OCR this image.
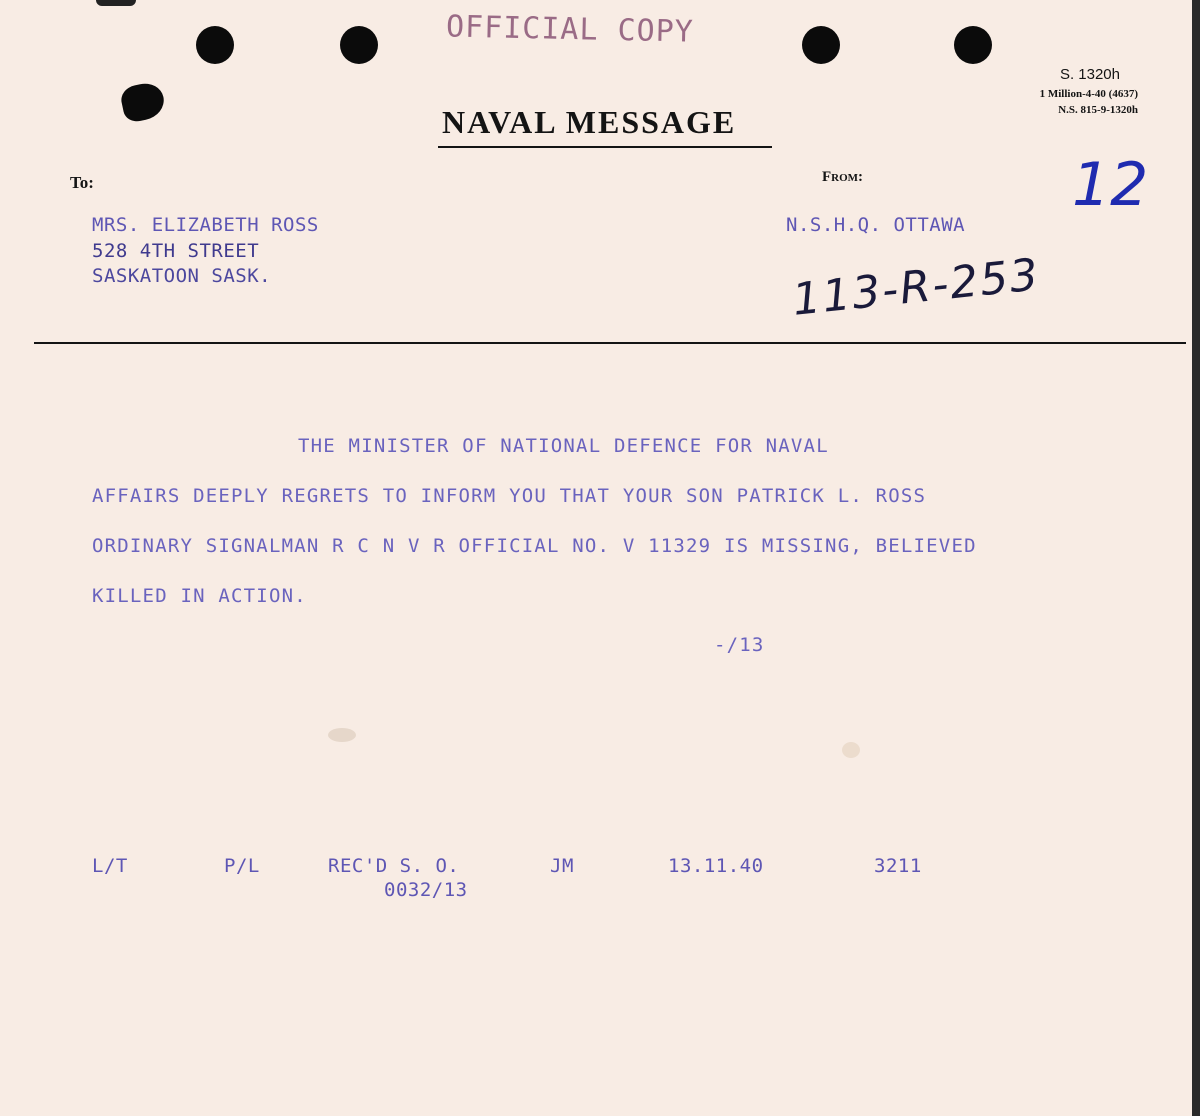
OFFICIAL COPY
S. 1320h
1 Million-4-40 (4637)
N.S. 815-9-1320h
NAVAL MESSAGE
To:	From:
MRS. ELIZABETH ROSS
528 4TH STREET
SASKATOON SASK.
N.S.H.Q. OTTAWA
12
113-R-253
THE MINISTER OF NATIONAL DEFENCE FOR NAVAL
AFFAIRS DEEPLY REGRETS TO INFORM YOU THAT YOUR SON PATRICK L. ROSS
ORDINARY SIGNALMAN R C N V R OFFICIAL NO. V 11329 IS MISSING, BELIEVED
KILLED IN ACTION.
-/13
L/T	P/L	REC'D S. O.
0032/13
JM	13.11.40	3211
